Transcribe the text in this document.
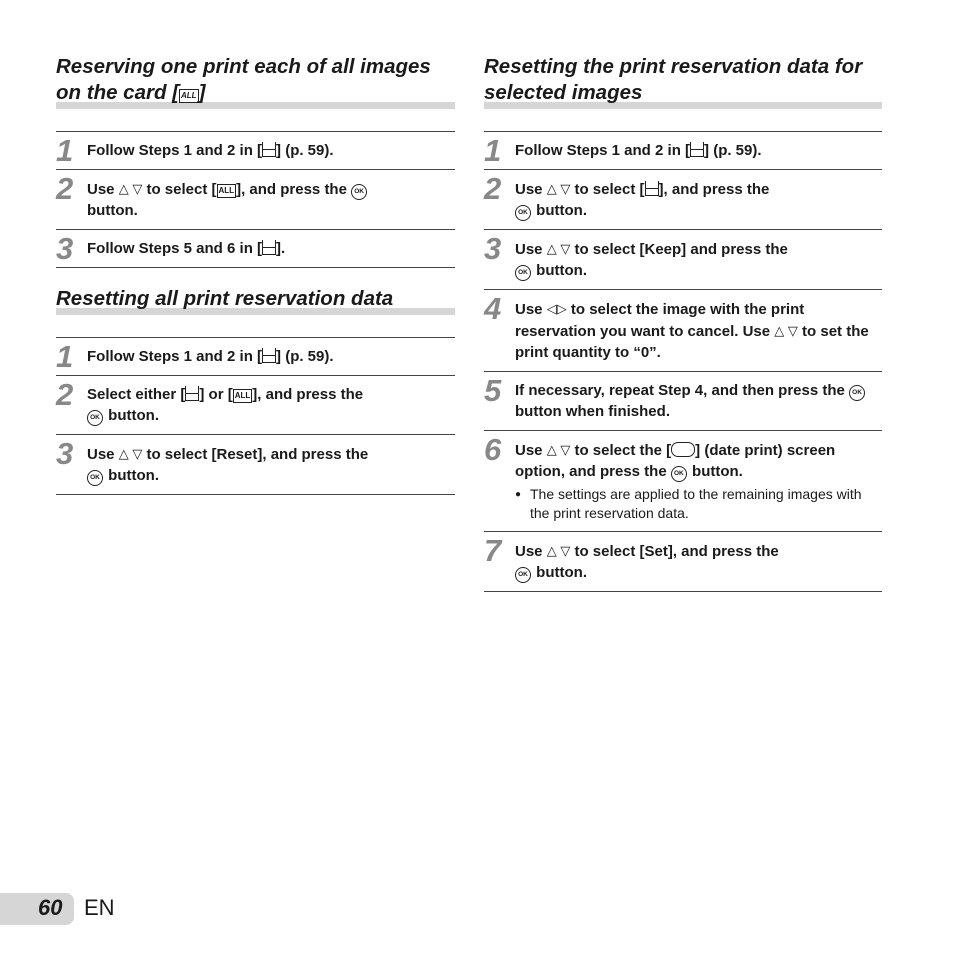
Reserving one print each of all images on the card [ ALL]
1 Follow Steps 1 and 2 in [ ] (p. 59).
2 Use △ ▽ to select [ ALL ], and press the OK
button.
3 Follow Steps 5 and 6 in [ ].
Resetting all print reservation data
1 Follow Steps 1 and 2 in [ ] (p. 59).
2 Select either [ ] or [ ALL ], and press the
OK button.
3 Use △ ▽ to select [Reset], and press the
OK button.
Resetting the print reservation data for selected images
1 Follow Steps 1 and 2 in [ ] (p. 59).
2 Use △ ▽ to select [ ], and press the
OK button.
3 Use △ ▽ to select [Keep] and press the
OK button.
4 Use ◁▷ to select the image with the print reservation you want to cancel. Use △ ▽ to set the print quantity to “0”.
5 If necessary, repeat Step 4, and then press the OK button when finished.
6 Use △ ▽ to select the [ ] (date print) screen option, and press the OK button.
● The settings are applied to the remaining images with the print reservation data.
7 Use △ ▽ to select [Set], and press the
OK button.
60 EN
